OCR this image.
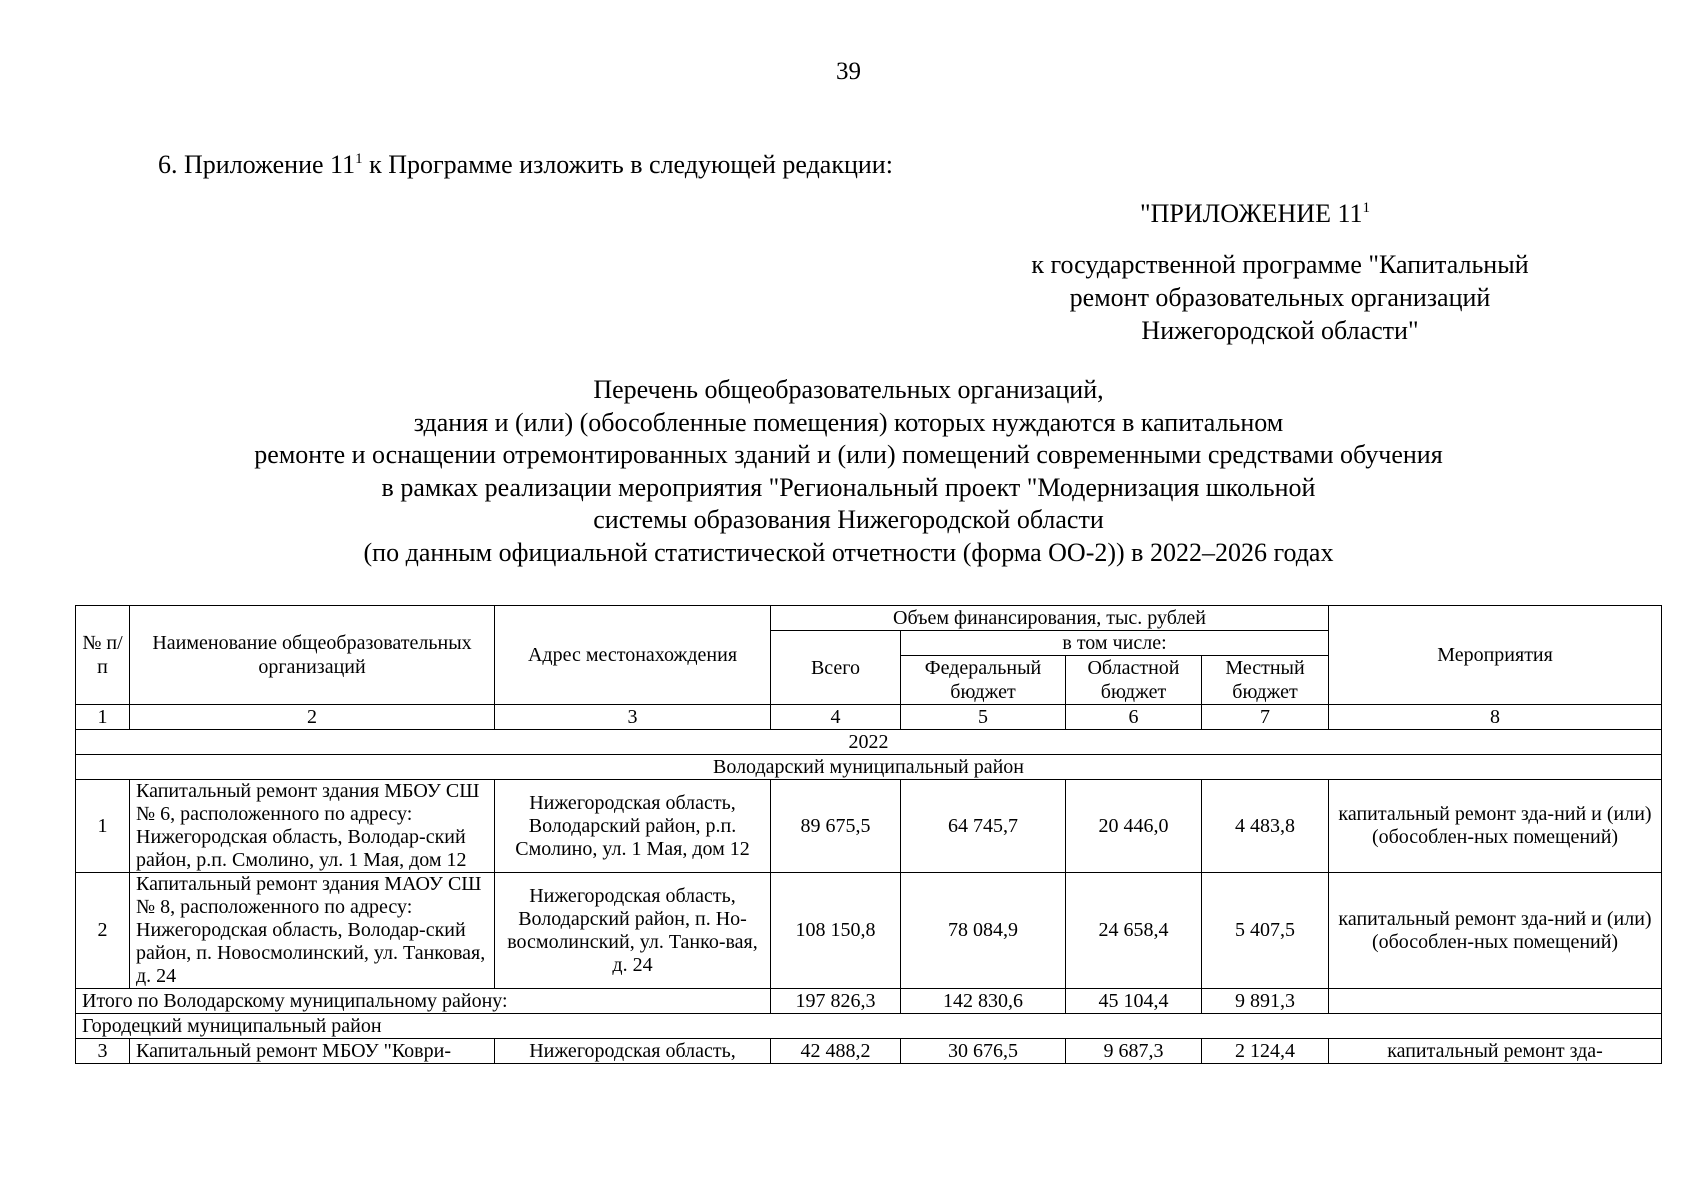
39
6. Приложение $11^1$ к Программе изложить в следующей редакции:
"ПРИЛОЖЕНИЕ $11^1$
к государственной программе "Капитальный
ремонт образовательных организаций
Нижегородской области"
Перечень общеобразовательных организаций,
здания и (или) (обособленные помещения) которых нуждаются в капитальном
ремонте и оснащении отремонтированных зданий и (или) помещений современными средствами обучения
в рамках реализации мероприятия "Региональный проект "Модернизация школьной
системы образования Нижегородской области
(по данным официальной статистической отчетности (форма ОО-2)) в 2022–2026 годах
№ п/п	Наименование общеобразовательных организаций	Адрес местонахождения	Объем финансирования, тыс. рублей				Мероприятия
			Всего	в том числе:			
				Федеральный бюджет	Областной бюджет	Местный бюджет	
1	2	3	4	5	6	7	8
2022							
Володарский муниципальный район							
1	Капитальный ремонт здания МБОУ СШ № 6, расположенного по адресу: Нижегородская область, Володар-ский район, р.п. Смолино, ул. 1 Мая, дом 12	Нижегородская область, Володарский район, р.п. Смолино, ул. 1 Мая, дом 12	89 675,5	64 745,7	20 446,0	4 483,8	капитальный ремонт зда-ний и (или) (обособлен-ных помещений)
2	Капитальный ремонт здания МАОУ СШ № 8, расположенного по адресу: Нижегородская область, Володар-ский район, п. Новосмолинский, ул. Танковая, д. 24	Нижегородская область, Володарский район, п. Но-восмолинский, ул. Танко-вая, д. 24	108 150,8	78 084,9	24 658,4	5 407,5	капитальный ремонт зда-ний и (или) (обособлен-ных помещений)
Итого по Володарскому муниципальному району:			197 826,3	142 830,6	45 104,4	9 891,3	
Городецкий муниципальный район							
3	Капитальный ремонт МБОУ "Коври-	Нижегородская область,	42 488,2	30 676,5	9 687,3	2 124,4	капитальный ремонт зда-
